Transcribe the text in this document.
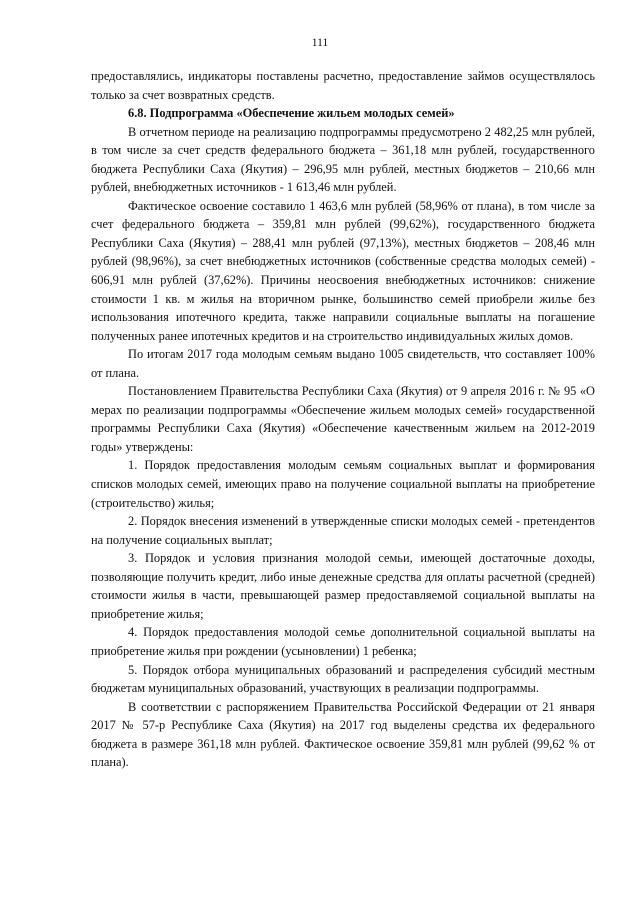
111

предоставлялись, индикаторы поставлены расчетно, предоставление займов осуществлялось только за счет возвратных средств.

6.8. Подпрограмма «Обеспечение жильем молодых семей»

В отчетном периоде на реализацию подпрограммы предусмотрено 2 482,25 млн рублей, в том числе за счет средств федерального бюджета – 361,18 млн рублей, государственного бюджета Республики Саха (Якутия) – 296,95 млн рублей, местных бюджетов – 210,66 млн рублей, внебюджетных источников - 1 613,46 млн рублей.

Фактическое освоение составило 1 463,6 млн рублей (58,96% от плана), в том числе за счет федерального бюджета – 359,81 млн рублей (99,62%), государственного бюджета Республики Саха (Якутия) – 288,41 млн рублей (97,13%), местных бюджетов – 208,46 млн рублей (98,96%), за счет внебюджетных источников (собственные средства молодых семей) - 606,91 млн рублей (37,62%). Причины неосвоения внебюджетных источников: снижение стоимости 1 кв. м жилья на вторичном рынке, большинство семей приобрели жилье без использования ипотечного кредита, также направили социальные выплаты на погашение полученных ранее ипотечных кредитов и на строительство индивидуальных жилых домов.

По итогам 2017 года молодым семьям выдано 1005 свидетельств, что составляет 100% от плана.

Постановлением Правительства Республики Саха (Якутия) от 9 апреля 2016 г. № 95 «О мерах по реализации подпрограммы «Обеспечение жильем молодых семей» государственной программы Республики Саха (Якутия) «Обеспечение качественным жильем на 2012-2019 годы» утверждены:

1. Порядок предоставления молодым семьям социальных выплат и формирования списков молодых семей, имеющих право на получение социальной выплаты на приобретение (строительство) жилья;

2. Порядок внесения изменений в утвержденные списки молодых семей - претендентов на получение социальных выплат;

3. Порядок и условия признания молодой семьи, имеющей достаточные доходы, позволяющие получить кредит, либо иные денежные средства для оплаты расчетной (средней) стоимости жилья в части, превышающей размер предоставляемой социальной выплаты на приобретение жилья;

4. Порядок предоставления молодой семье дополнительной социальной выплаты на приобретение жилья при рождении (усыновлении) 1 ребенка;

5. Порядок отбора муниципальных образований и распределения субсидий местным бюджетам муниципальных образований, участвующих в реализации подпрограммы.

В соответствии с распоряжением Правительства Российской Федерации от 21 января 2017 № 57-р Республике Саха (Якутия) на 2017 год выделены средства их федерального бюджета в размере 361,18 млн рублей. Фактическое освоение 359,81 млн рублей (99,62 % от плана).
